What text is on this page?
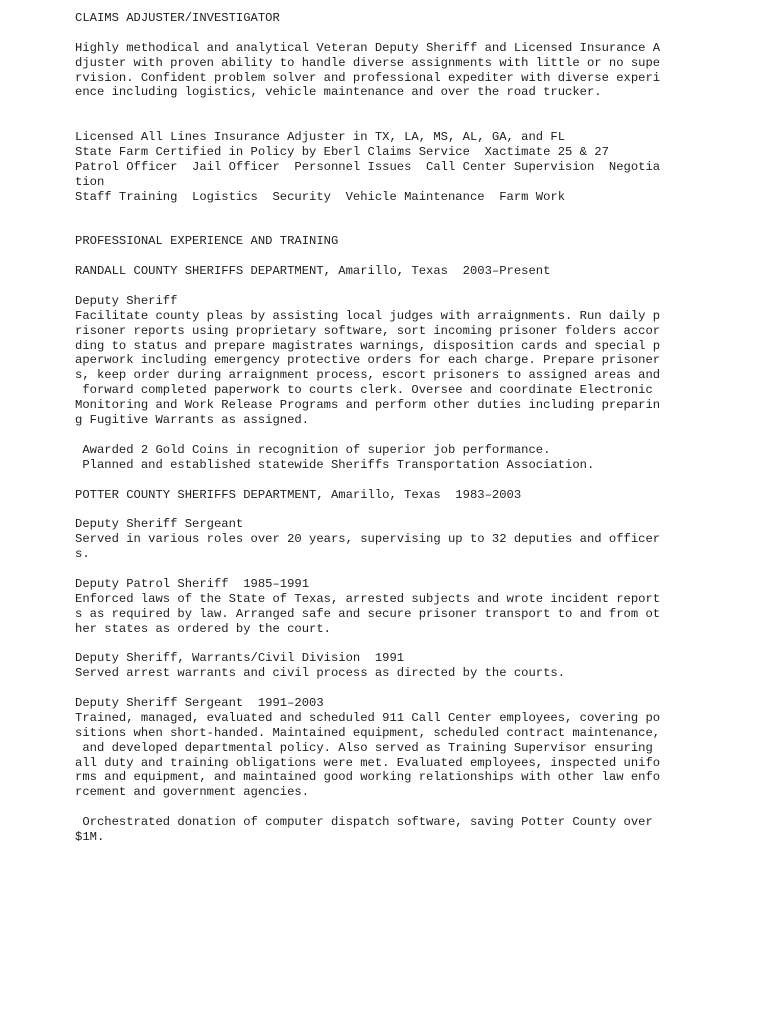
CLAIMS ADJUSTER/INVESTIGATOR
Highly methodical and analytical Veteran Deputy Sheriff and Licensed Insurance A
djuster with proven ability to handle diverse assignments with little or no supe
rvision. Confident problem solver and professional expediter with diverse experi
ence including logistics, vehicle maintenance and over the road trucker.
Licensed All Lines Insurance Adjuster in TX, LA, MS, AL, GA, and FL
State Farm Certified in Policy by Eberl Claims Service  Xactimate 25 & 27
Patrol Officer  Jail Officer  Personnel Issues  Call Center Supervision  Negotia
tion
Staff Training  Logistics  Security  Vehicle Maintenance  Farm Work
PROFESSIONAL EXPERIENCE AND TRAINING
RANDALL COUNTY SHERIFFS DEPARTMENT, Amarillo, Texas  2003–Present
Deputy Sheriff
Facilitate county pleas by assisting local judges with arraignments. Run daily p
risoner reports using proprietary software, sort incoming prisoner folders accor
ding to status and prepare magistrates warnings, disposition cards and special p
aperwork including emergency protective orders for each charge. Prepare prisoner
s, keep order during arraignment process, escort prisoners to assigned areas and
forward completed paperwork to courts clerk. Oversee and coordinate Electronic
Monitoring and Work Release Programs and perform other duties including preparin
g Fugitive Warrants as assigned.
Awarded 2 Gold Coins in recognition of superior job performance.
Planned and established statewide Sheriffs Transportation Association.
POTTER COUNTY SHERIFFS DEPARTMENT, Amarillo, Texas  1983–2003
Deputy Sheriff Sergeant
Served in various roles over 20 years, supervising up to 32 deputies and officer
s.
Deputy Patrol Sheriff  1985–1991
Enforced laws of the State of Texas, arrested subjects and wrote incident report
s as required by law. Arranged safe and secure prisoner transport to and from ot
her states as ordered by the court.
Deputy Sheriff, Warrants/Civil Division  1991
Served arrest warrants and civil process as directed by the courts.
Deputy Sheriff Sergeant  1991–2003
Trained, managed, evaluated and scheduled 911 Call Center employees, covering po
sitions when short-handed. Maintained equipment, scheduled contract maintenance,
and developed departmental policy. Also served as Training Supervisor ensuring
all duty and training obligations were met. Evaluated employees, inspected unifo
rms and equipment, and maintained good working relationships with other law enfo
rcement and government agencies.
Orchestrated donation of computer dispatch software, saving Potter County over
$1M.
